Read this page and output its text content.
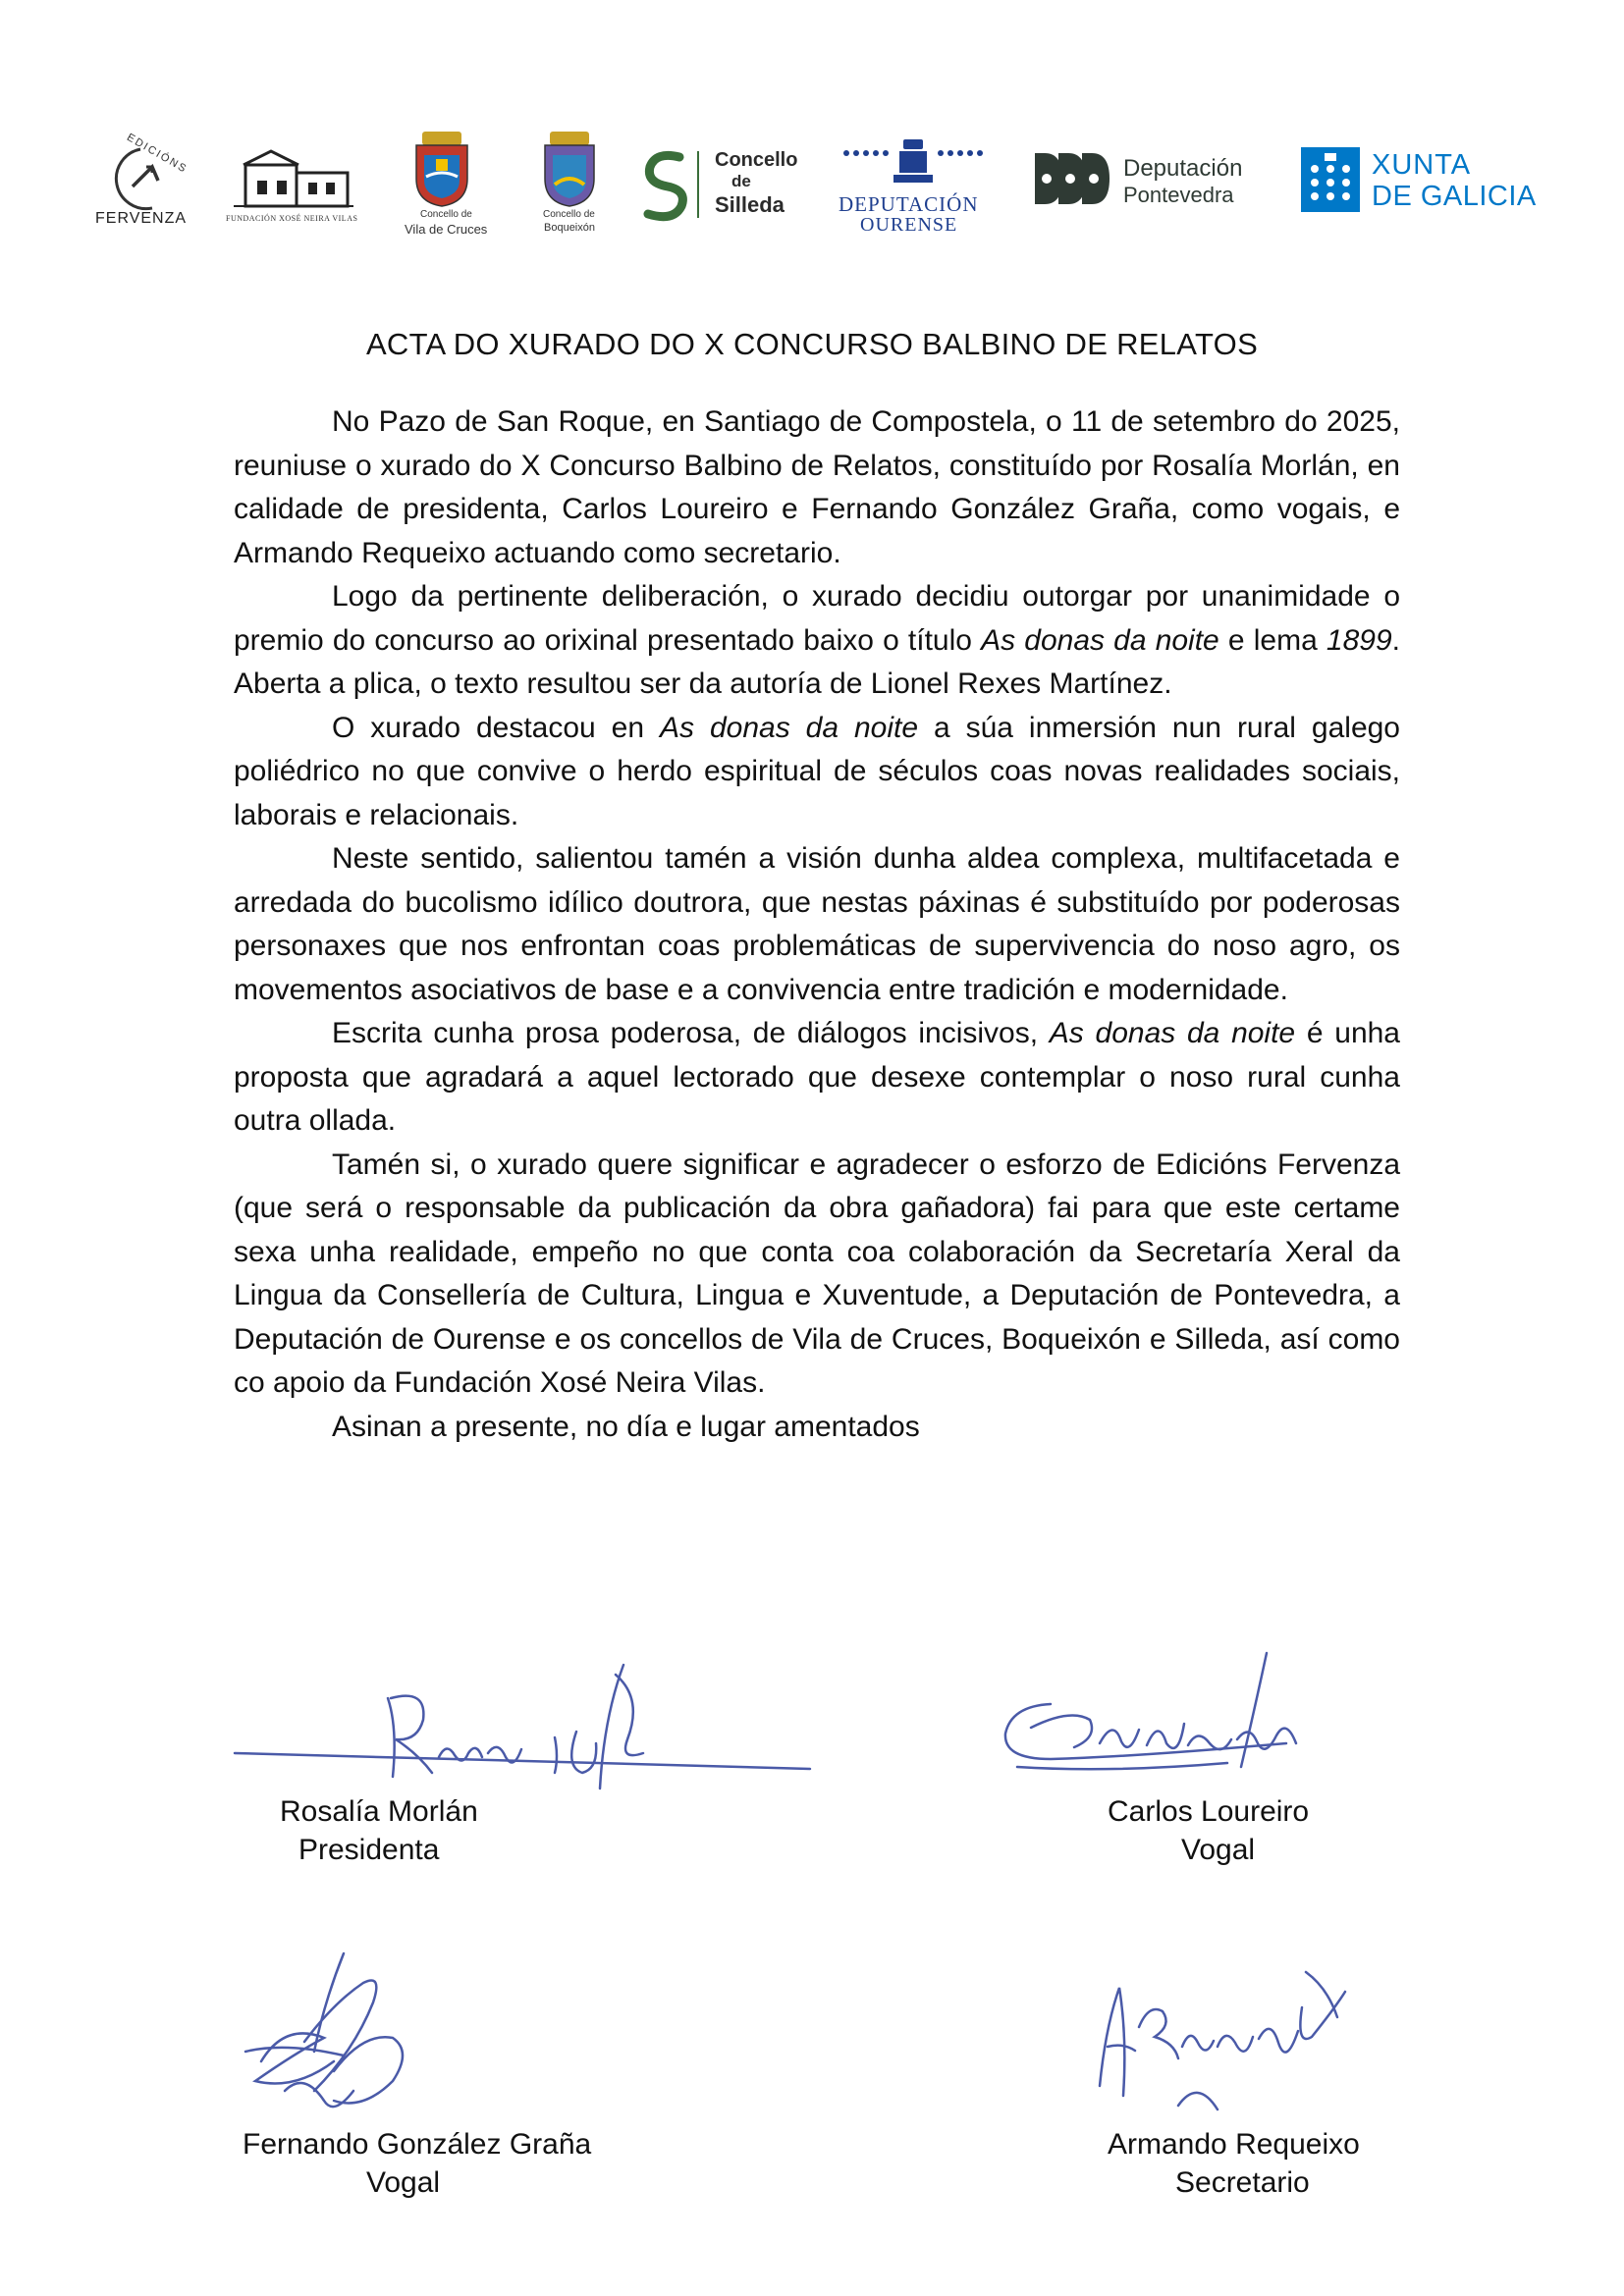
EDICIÓNS
FERVENZA	FUNDACIÓN XOSÉ NEIRA VILAS	Concello de
Vila de Cruces
Concello de
Boqueixón
Concello
de
Silleda	DEPUTACIÓN
OURENSE
Deputación
Pontevedra
XUNTA
DE GALICIA
ACTA DO XURADO DO X CONCURSO BALBINO DE RELATOS

No Pazo de San Roque, en Santiago de Compostela, o 11 de setembro do 2025, reuniuse o xurado do X Concurso Balbino de Relatos, constituído por Rosalía Morlán, en calidade de presidenta, Carlos Loureiro e Fernando González Graña, como vogais, e Armando Requeixo actuando como secretario.

Logo da pertinente deliberación, o xurado decidiu outorgar por unanimidade o premio do concurso ao orixinal presentado baixo o título As donas da noite e lema 1899. Aberta a plica, o texto resultou ser da autoría de Lionel Rexes Martínez.

O xurado destacou en As donas da noite a súa inmersión nun rural galego poliédrico no que convive o herdo espiritual de séculos coas novas realidades sociais, laborais e relacionais.

Neste sentido, salientou tamén a visión dunha aldea complexa, multifacetada e arredada do bucolismo idílico doutrora, que nestas páxinas é substituído por poderosas personaxes que nos enfrontan coas problemáticas de supervivencia do noso agro, os movementos asociativos de base e a convivencia entre tradición e modernidade.

Escrita cunha prosa poderosa, de diálogos incisivos, As donas da noite é unha proposta que agradará a aquel lectorado que desexe contemplar o noso rural cunha outra ollada.

Tamén si, o xurado quere significar e agradecer o esforzo de Edicións Fervenza (que será o responsable da publicación da obra gañadora) fai para que este certame sexa unha realidade, empeño no que conta coa colaboración da Secretaría Xeral da Lingua da Consellería de Cultura, Lingua e Xuventude, a Deputación de Pontevedra, a Deputación de Ourense e os concellos de Vila de Cruces, Boqueixón e Silleda, así como co apoio da Fundación Xosé Neira Vilas.

Asinan a presente, no día e lugar amentados

Rosalía Morlán
Presidenta
Carlos Loureiro
Vogal
Fernando González Graña
Vogal
Armando Requeixo
Secretario
